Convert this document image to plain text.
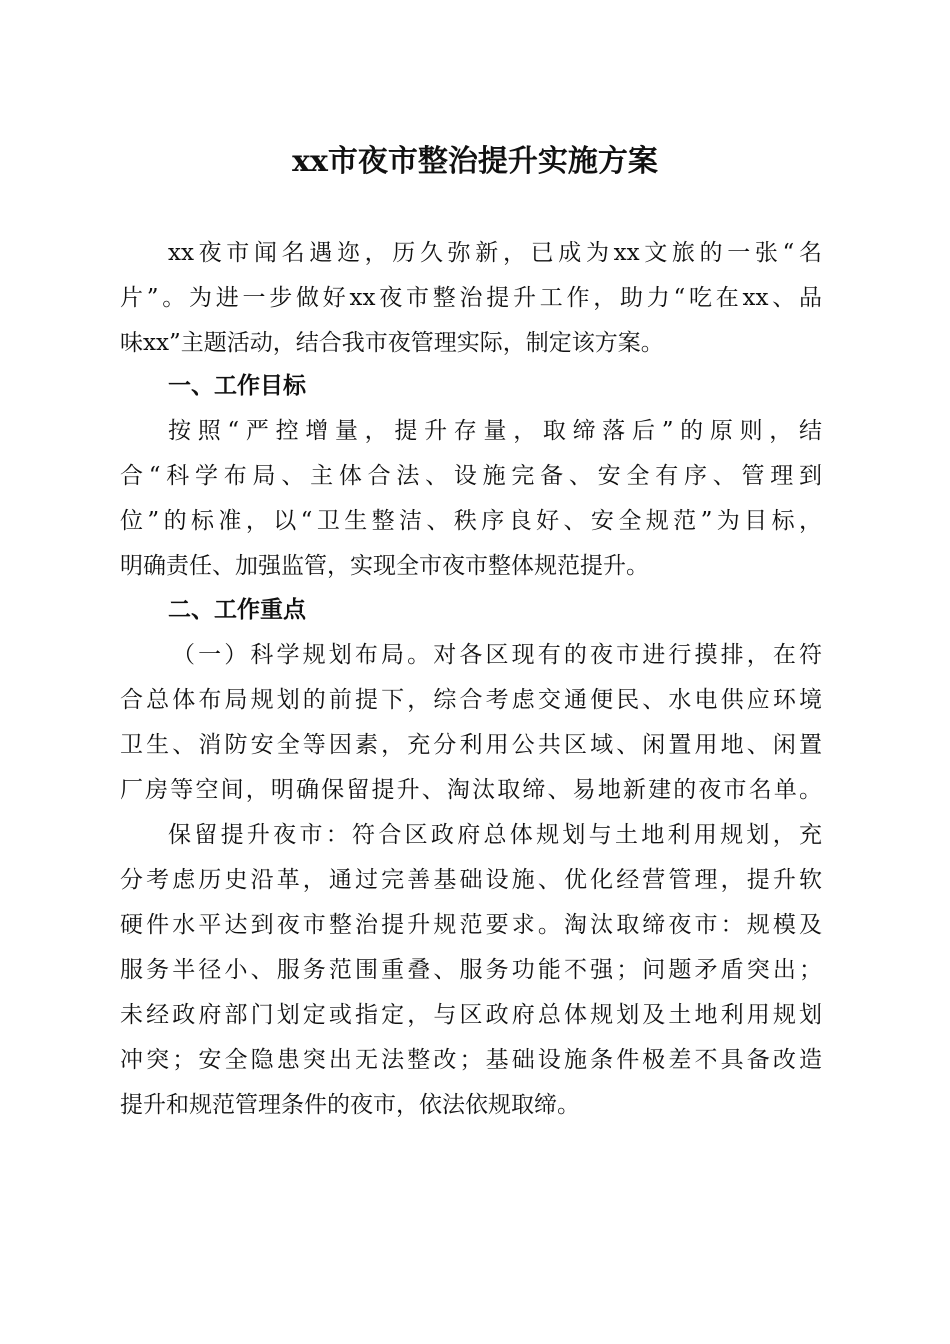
xx市夜市整治提升实施方案
xx夜市闻名遇迩，历久弥新，已成为xx文旅的一张“名
片”。为进一步做好xx夜市整治提升工作，助力“吃在xx、品
味xx”主题活动，结合我市夜管理实际，制定该方案。
一、工作目标
按照“严控增量，提升存量，取缔落后”的原则，结
合“科学布局、主体合法、设施完备、安全有序、管理到
位”的标准，以“卫生整洁、秩序良好、安全规范”为目标，
明确责任、加强监管，实现全市夜市整体规范提升。
二、工作重点
（一）科学规划布局。对各区现有的夜市进行摸排，在符
合总体布局规划的前提下，综合考虑交通便民、水电供应环境
卫生、消防安全等因素，充分利用公共区域、闲置用地、闲置
厂房等空间，明确保留提升、淘汰取缔、易地新建的夜市名单。
保留提升夜市：符合区政府总体规划与土地利用规划，充
分考虑历史沿革，通过完善基础设施、优化经营管理，提升软
硬件水平达到夜市整治提升规范要求。淘汰取缔夜市：规模及
服务半径小、服务范围重叠、服务功能不强；问题矛盾突出；
未经政府部门划定或指定，与区政府总体规划及土地利用规划
冲突；安全隐患突出无法整改；基础设施条件极差不具备改造
提升和规范管理条件的夜市，依法依规取缔。
